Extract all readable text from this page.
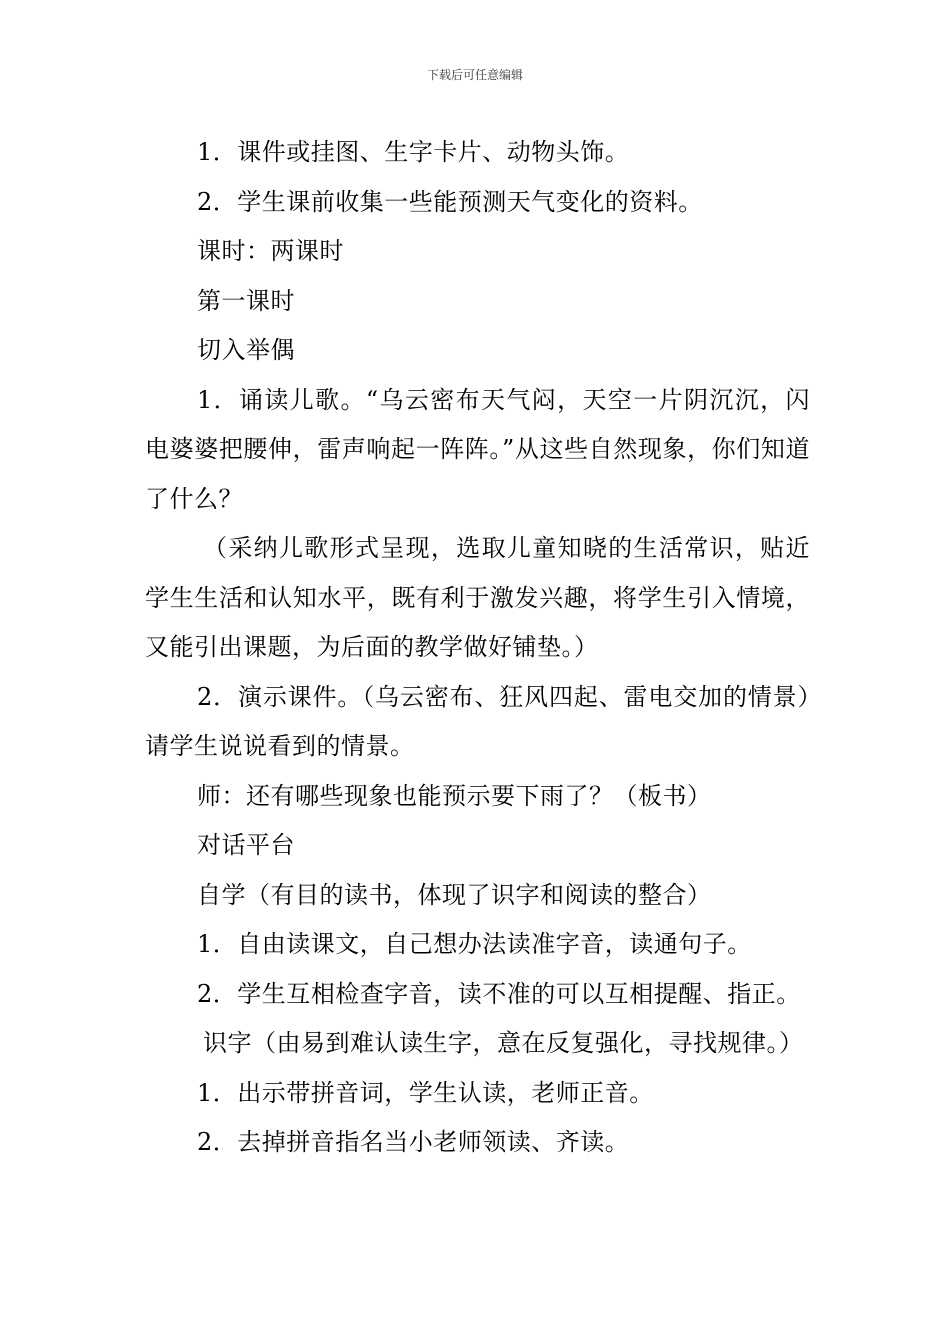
下载后可任意编辑

1．课件或挂图、生字卡片、动物头饰。

2．学生课前收集一些能预测天气变化的资料。

课时：两课时

第一课时

切入举偶

1．诵读儿歌。“乌云密布天气闷，天空一片阴沉沉，闪电婆婆把腰伸，雷声响起一阵阵。”从这些自然现象，你们知道了什么？

（采纳儿歌形式呈现，选取儿童知晓的生活常识，贴近学生生活和认知水平，既有利于激发兴趣，将学生引入情境，又能引出课题，为后面的教学做好铺垫。）

2．演示课件。（乌云密布、狂风四起、雷电交加的情景）请学生说说看到的情景。

师：还有哪些现象也能预示要下雨了？（板书）

对话平台

自学（有目的读书，体现了识字和阅读的整合）

1．自由读课文，自己想办法读准字音，读通句子。

2．学生互相检查字音，读不准的可以互相提醒、指正。

识字（由易到难认读生字，意在反复强化，寻找规律。）

1．出示带拼音词，学生认读，老师正音。

2．去掉拼音指名当小老师领读、齐读。
